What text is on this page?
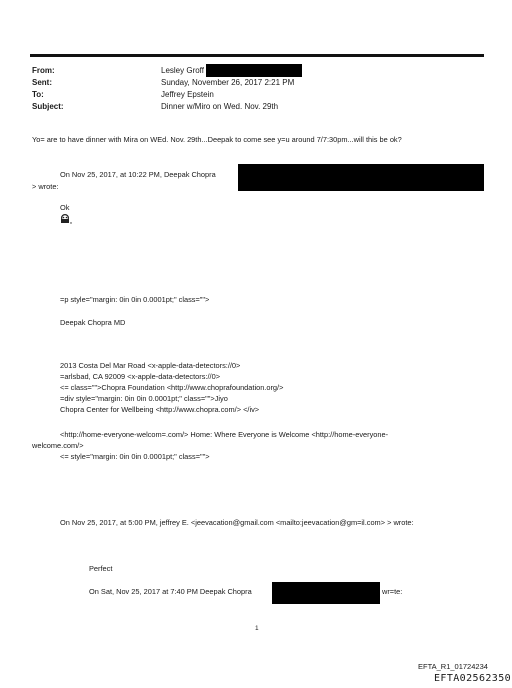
From:	Lesley Groff
Sent:	Sunday, November 26, 2017 2:21 PM
To:	Jeffrey Epstein
Subject:	Dinner w/Miro on Wed. Nov. 29th
Yo= are to have dinner with Mira on WEd. Nov. 29th...Deepak to come see y=u around 7/7:30pm...will this be ok?
On Nov 25, 2017, at 10:22 PM, Deepak Chopra
> wrote:
Ok
=p style="margin: 0in 0in 0.0001pt;" class="">
Deepak Chopra MD
2013 Costa Del Mar Road <x-apple-data-detectors://0>
=arlsbad, CA 92009 <x-apple-data-detectors://0>
<= class="">Chopra Foundation <http://www.choprafoundation.org/>
=div style="margin: 0in 0in 0.0001pt;" class="">Jiyo
Chopra Center for Wellbeing <http://www.chopra.com/> </iv>
<http://home-everyone-welcom=.com/> Home: Where Everyone is Welcome <http://home-everyone-
welcome.com/>
<= style="margin: 0in 0in 0.0001pt;" class="">
On Nov 25, 2017, at 5:00 PM, jeffrey E. <jeevacation@gmail.com <mailto:jeevacation@gm=il.com> > wrote:
Perfect
On Sat, Nov 25, 2017 at 7:40 PM Deepak Chopra	wr=te:
1
EFTA_R1_01724234
EFTA02562350
